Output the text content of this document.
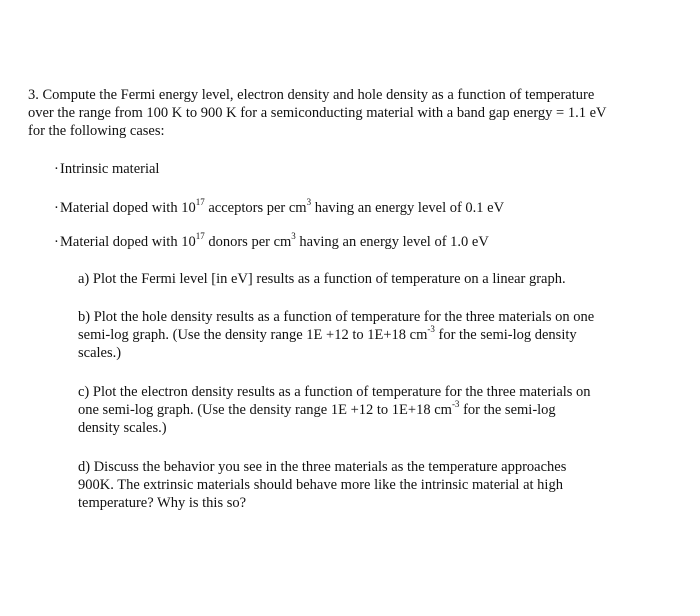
3. Compute the Fermi energy level, electron density and hole density as a function of temperature
over the range from 100 K to 900 K for a semiconducting material with a band gap energy = 1.1 eV
for the following cases:
·Intrinsic material
·Material doped with $10^{17}$ acceptors per $cm^3$ having an energy level of 0.1 eV
·Material doped with $10^{17}$ donors per $cm^3$ having an energy level of 1.0 eV
a) Plot the Fermi level [in eV] results as a function of temperature on a linear graph.
b) Plot the hole density results as a function of temperature for the three materials on one
semi-log graph. (Use the density range 1E +12 to 1E+18 $cm^{-3}$ for the semi-log density
scales.)
c) Plot the electron density results as a function of temperature for the three materials on
one semi-log graph. (Use the density range 1E +12 to 1E+18 $cm^{-3}$ for the semi-log
density scales.)
d) Discuss the behavior you see in the three materials as the temperature approaches
900K. The extrinsic materials should behave more like the intrinsic material at high
temperature? Why is this so?
